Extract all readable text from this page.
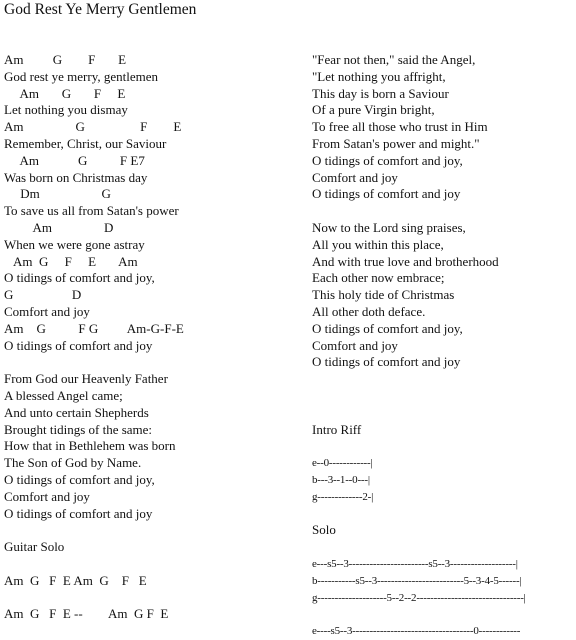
God Rest Ye Merry Gentlemen
Am         G        F       E
God rest ye merry, gentlemen
Am       G       F     E
Let nothing you dismay
Am                G                 F        E
Remember, Christ, our Saviour
Am            G          F E7
Was born on Christmas day
Dm                   G
To save us all from Satan's power
Am                D
When we were gone astray
Am  G     F     E       Am
O tidings of comfort and joy,
G                  D
Comfort and joy
Am    G          F G         Am-G-F-E
O tidings of comfort and joy
From God our Heavenly Father
A blessed Angel came;
And unto certain Shepherds
Brought tidings of the same:
How that in Bethlehem was born
The Son of God by Name.
O tidings of comfort and joy,
Comfort and joy
O tidings of comfort and joy
Guitar Solo
Am  G   F  E Am  G    F   E
Am  G   F  E --        Am  G F  E
"Fear not then," said the Angel,
"Let nothing you affright,
This day is born a Saviour
Of a pure Virgin bright,
To free all those who trust in Him
From Satan's power and might."
O tidings of comfort and joy,
Comfort and joy
O tidings of comfort and joy
Now to the Lord sing praises,
All you within this place,
And with true love and brotherhood
Each other now embrace;
This holy tide of Christmas
All other doth deface.
O tidings of comfort and joy,
Comfort and joy
O tidings of comfort and joy
Intro Riff
e--0------------|
b---3--1--0---|
g-------------2-|
Solo
e---s5--3-----------------------s5--3-------------------|
b-----------s5--3-------------------------5--3-4-5------|
g--------------------5--2--2-------------------------------|
e----s5--3-----------------------------------0------------
